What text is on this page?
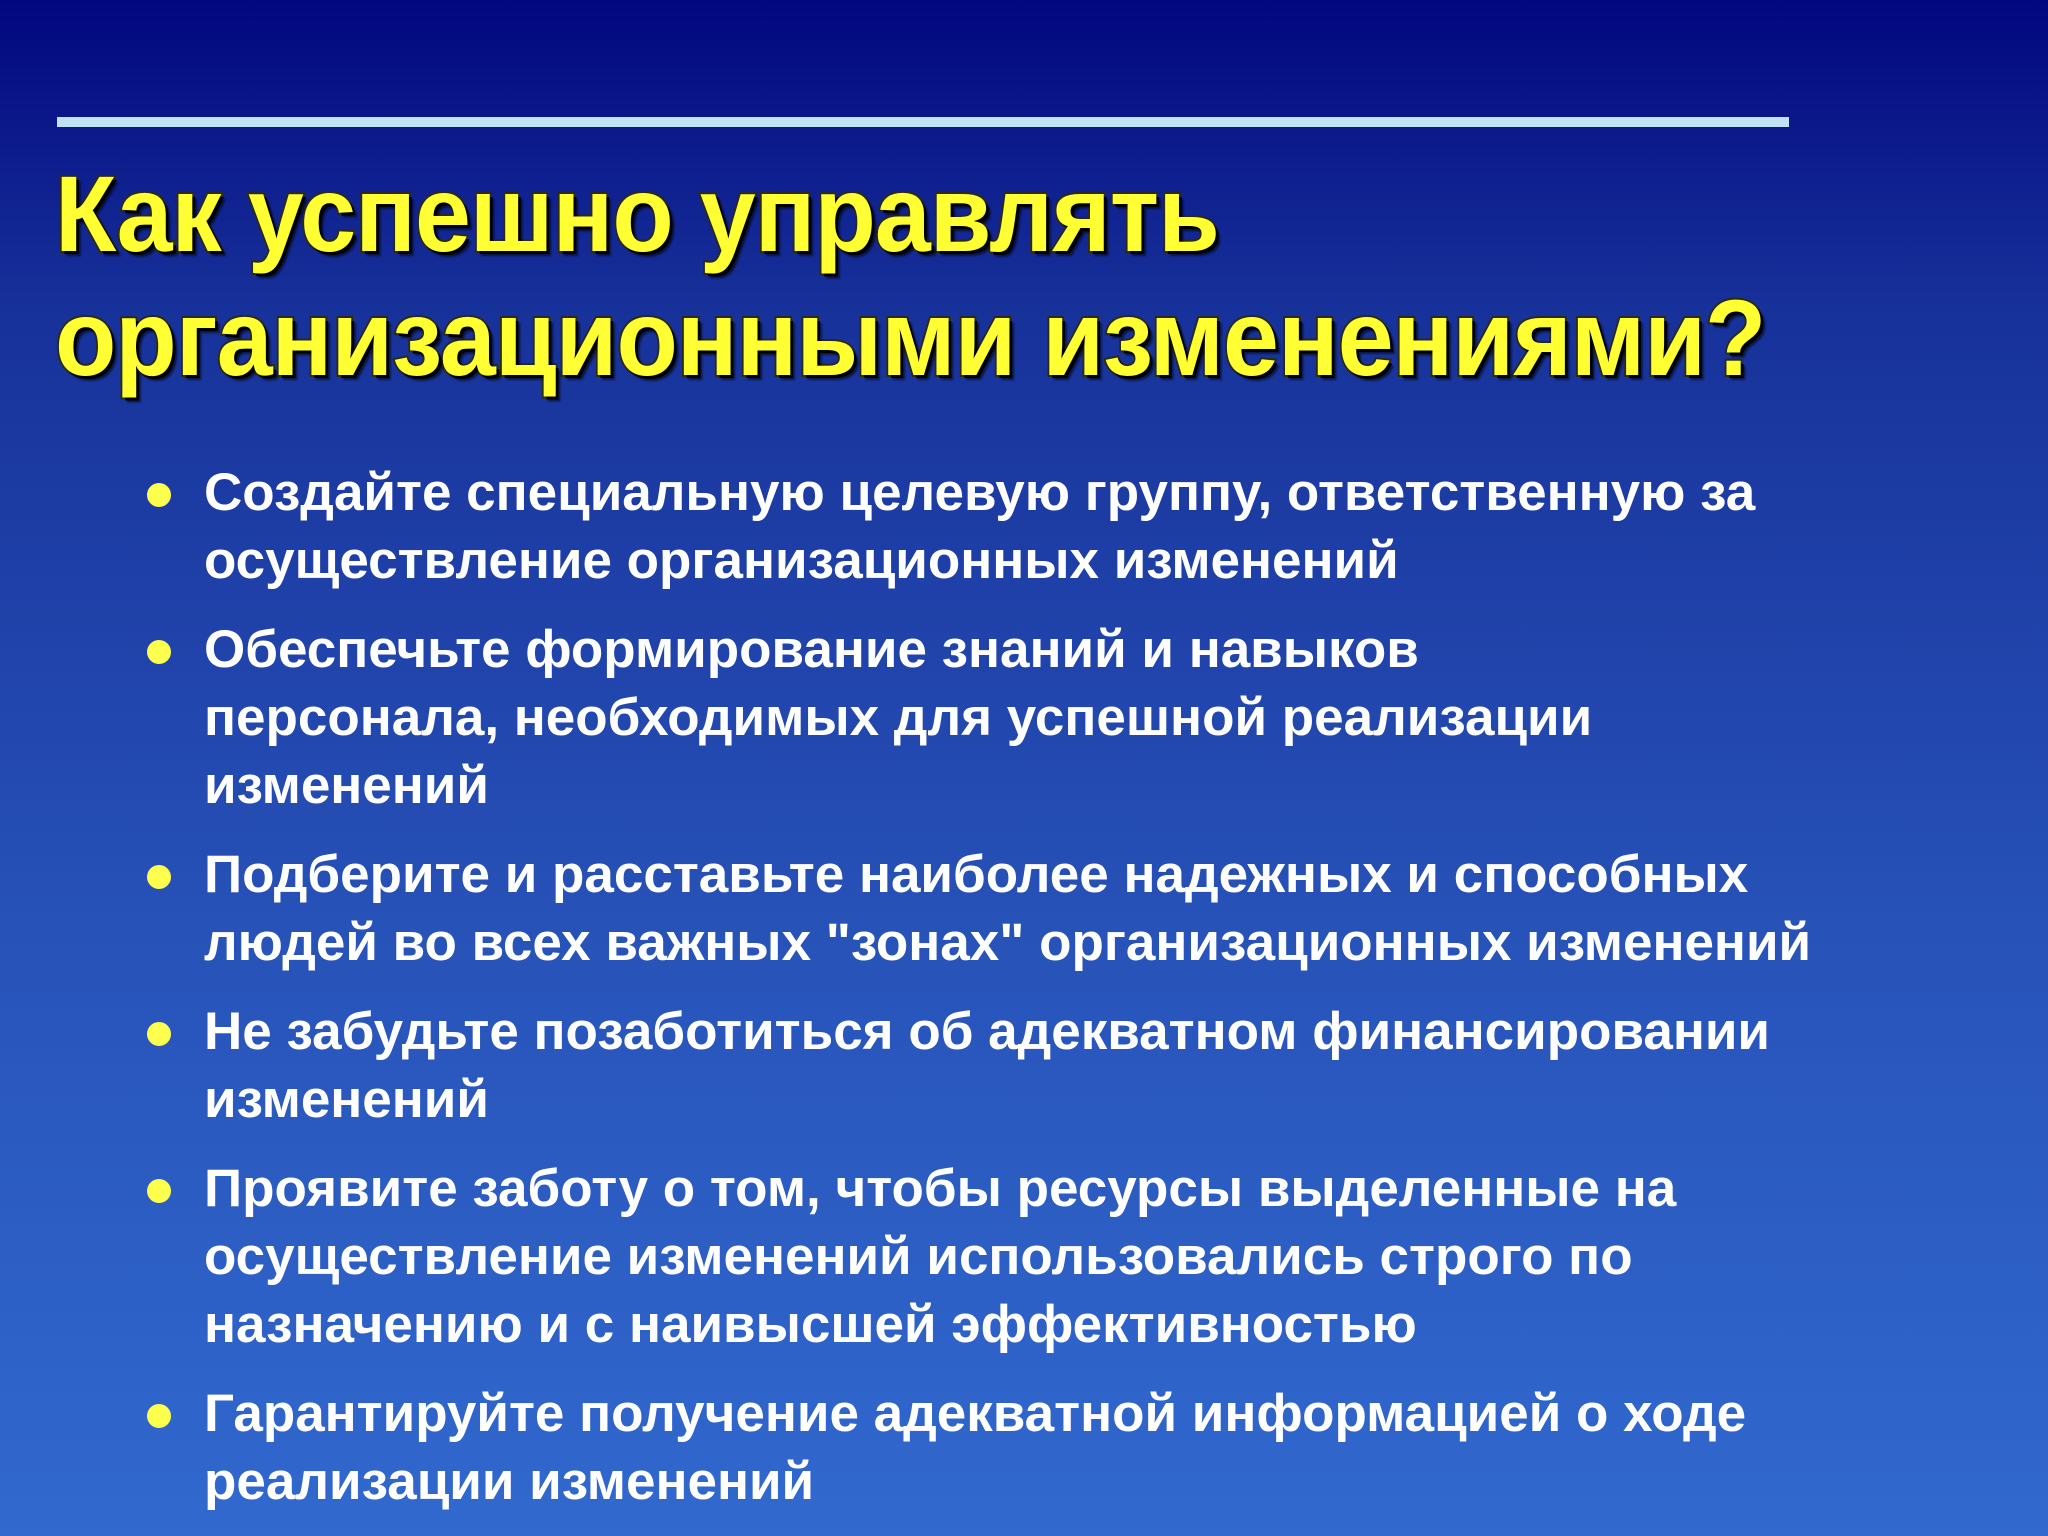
Как успешно управлять
организационными изменениями?
Создайте специальную целевую группу, ответственную за
осуществление организационных изменений
Обеспечьте формирование знаний и навыков
персонала, необходимых для успешной реализации
изменений
Подберите и расставьте наиболее надежных и способных
людей во всех важных "зонах" организационных изменений
Не забудьте позаботиться об адекватном финансировании
изменений
Проявите заботу о том, чтобы ресурсы выделенные на
осуществление изменений использовались строго по
назначению и с наивысшей эффективностью
Гарантируйте получение адекватной информацией о ходе
реализации изменений
